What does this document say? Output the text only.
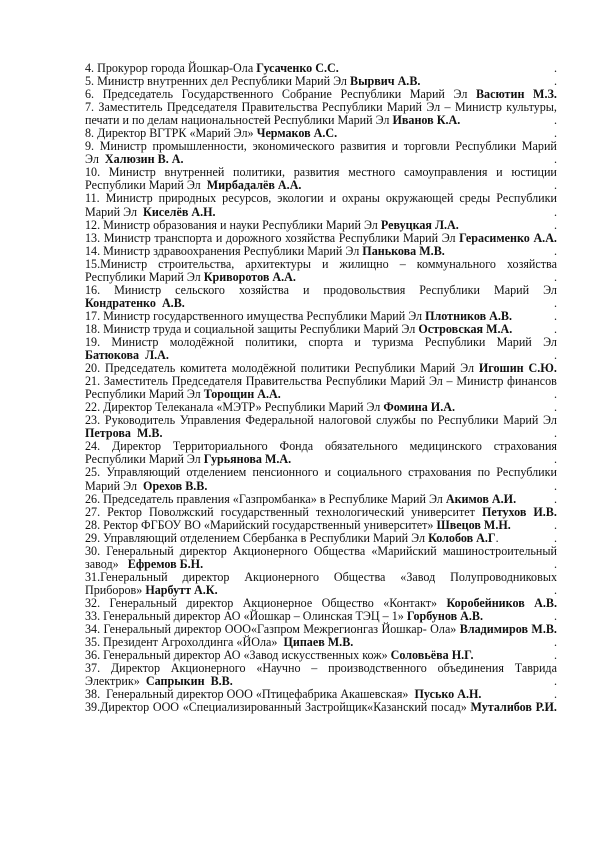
4. Прокурор города Йошкар-Ола Гусаченко С.С.	.
5. Министр внутренних дел Республики Марий Эл Вырвич А.В.	.
6. Председатель Государственного Собрание Республики Марий Эл Васютин М.З.
7. Заместитель Председателя Правительства Республики Марий Эл – Министр культуры,
печати и по делам национальностей Республики Марий Эл Иванов К.А.	.
8. Директор ВГТРК «Марий Эл» Чермаков А.С.	.
9. Министр промышленности, экономического развития и торговли Республики Марий
Эл  Халюзин В. А.	.
10. Министр внутренней политики, развития местного самоуправления и юстиции
Республики Марий Эл  Мирбадалёв А.А.	.
11. Министр природных ресурсов, экологии и охраны окружающей среды Республики
Марий Эл  Киселёв А.Н.	.
12. Министр образования и науки Республики Марий Эл Ревуцкая Л.А.	.
13. Министр транспорта и дорожного хозяйства Республики Марий Эл Герасименко А.А.
14. Министр здравоохранения Республики Марий Эл Панькова М.В.	.
15.Министр строительства, архитектуры и жилищно – коммунального хозяйства
Республики Марий Эл Криворотов А.А.	.
16. Министр сельского хозяйства и продовольствия Республики Марий Эл
Кондратенко  А.В.	.
17. Министр государственного имущества Республики Марий Эл Плотников А.В.	.
18. Министр труда и социальной защиты Республики Марий Эл Островская М.А.	.
19. Министр молодёжной политики, спорта и туризма Республики Марий Эл
Батюкова  Л.А.	.
20. Председатель комитета молодёжной политики Республики Марий Эл Игошин С.Ю.
21. Заместитель Председателя Правительства Республики Марий Эл – Министр финансов
Республики Марий Эл Торощин А.А.	.
22. Директор Телеканала «МЭТР» Республики Марий Эл Фомина И.А.	.
23. Руководитель Управления Федеральной налоговой службы по Республики Марий Эл
Петрова  М.В.	.
24. Директор Территориального Фонда обязательного медицинского страхования
Республики Марий Эл Гурьянова М.А.	.
25. Управляющий отделением пенсионного и социального страхования по Республики
Марий Эл  Орехов В.В.	.
26. Председатель правления «Газпромбанка» в Республике Марий Эл Акимов А.И.	.
27. Ректор Поволжский государственный технологический университет Петухов И.В.
28. Ректор ФГБОУ ВО «Марийский государственный университет» Швецов М.Н.	.
29. Управляющий отделением Сбербанка в Республики Марий Эл Колобов А.Г.	.
30. Генеральный директор Акционерного Общества «Марийский машиностроительный
завод»   Ефремов Б.Н.	.
31.Генеральный директор Акционерного Общества «Завод Полупроводниковых
Приборов» Нарбутт А.К.	.
32. Генеральный директор Акционерное Общество «Контакт» Коробейников А.В.
33. Генеральный директор АО «Йошкар – Олинская ТЭЦ – 1» Горбунов А.В.	.
34. Генеральный директор ООО«Газпром Межрегионгаз Йошкар- Ола» Владимиров М.В.
35. Президент Агрохолдинга «ЙОла»  Ципаев М.В.	.
36. Генеральный директор АО «Завод искусственных кож» Соловьёва Н.Г.	.
37. Директор Акционерного «Научно – производственного объединения Таврида
Электрик»  Сапрыкин  В.В.	.
38.  Генеральный директор ООО «Птицефабрика Акашевская»  Пусько А.Н.	.
39.Директор ООО «Специализированный Застройщик«Казанский посад» Муталибов Р.И.
